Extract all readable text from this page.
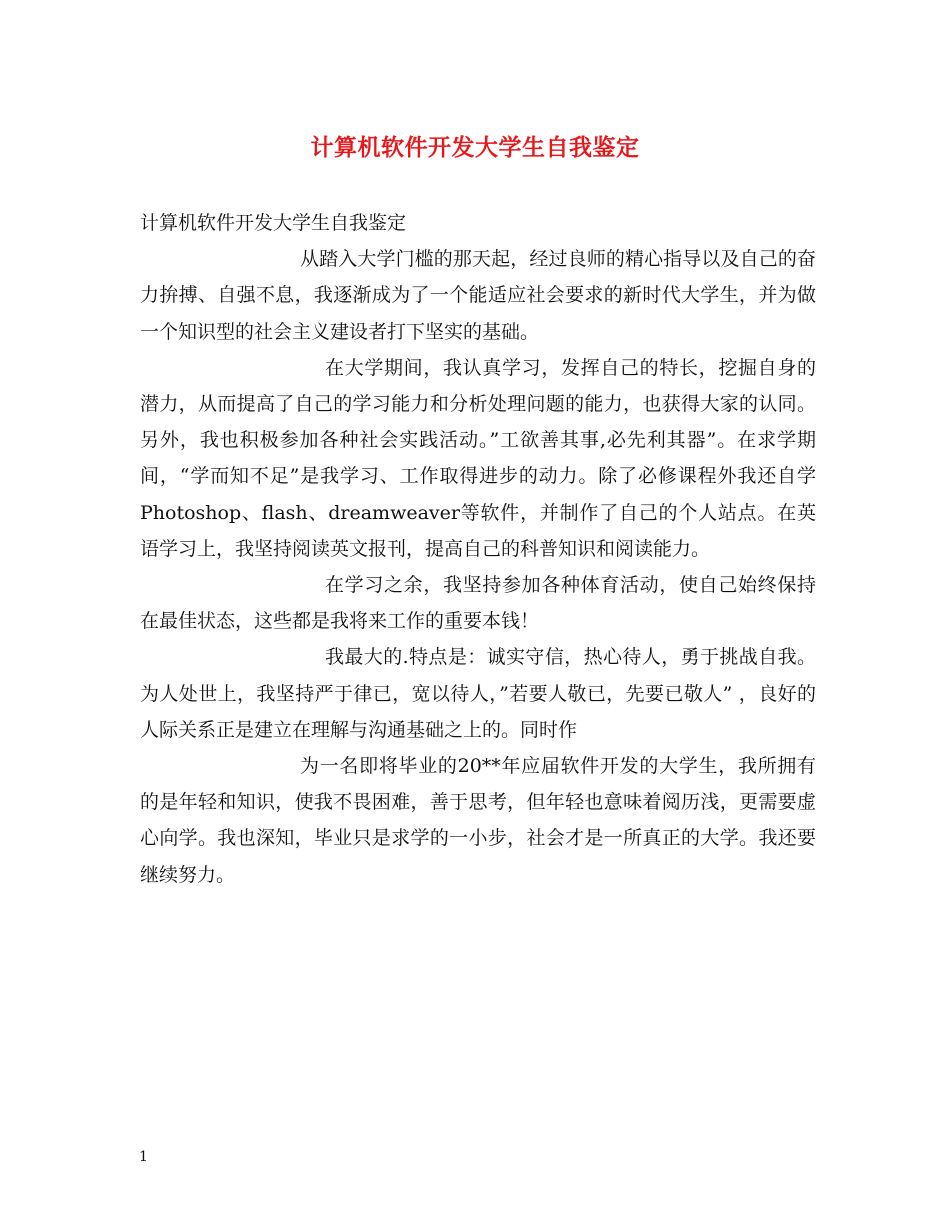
计算机软件开发大学生自我鉴定

计算机软件开发大学生自我鉴定

从踏入大学门槛的那天起，经过良师的精心指导以及自己的奋力拚搏、自强不息，我逐渐成为了一个能适应社会要求的新时代大学生，并为做一个知识型的社会主义建设者打下坚实的基础。

在大学期间，我认真学习，发挥自己的特长，挖掘自身的潜力，从而提高了自己的学习能力和分析处理问题的能力，也获得大家的认同。另外，我也积极参加各种社会实践活动。”工欲善其事,必先利其器”。在求学期间，“学而知不足”是我学习、工作取得进步的动力。除了必修课程外我还自学Photoshop、flash、dreamweaver等软件，并制作了自己的个人站点。在英语学习上，我坚持阅读英文报刊，提高自己的科普知识和阅读能力。

在学习之余，我坚持参加各种体育活动，使自己始终保持在最佳状态，这些都是我将来工作的重要本钱！

我最大的.特点是：诚实守信，热心待人，勇于挑战自我。为人处世上，我坚持严于律已，宽以待人，”若要人敬已，先要已敬人” ，良好的人际关系正是建立在理解与沟通基础之上的。同时作

为一名即将毕业的20**年应届软件开发的大学生，我所拥有的是年轻和知识，使我不畏困难，善于思考，但年轻也意味着阅历浅，更需要虚心向学。我也深知，毕业只是求学的一小步，社会才是一所真正的大学。我还要继续努力。

1
